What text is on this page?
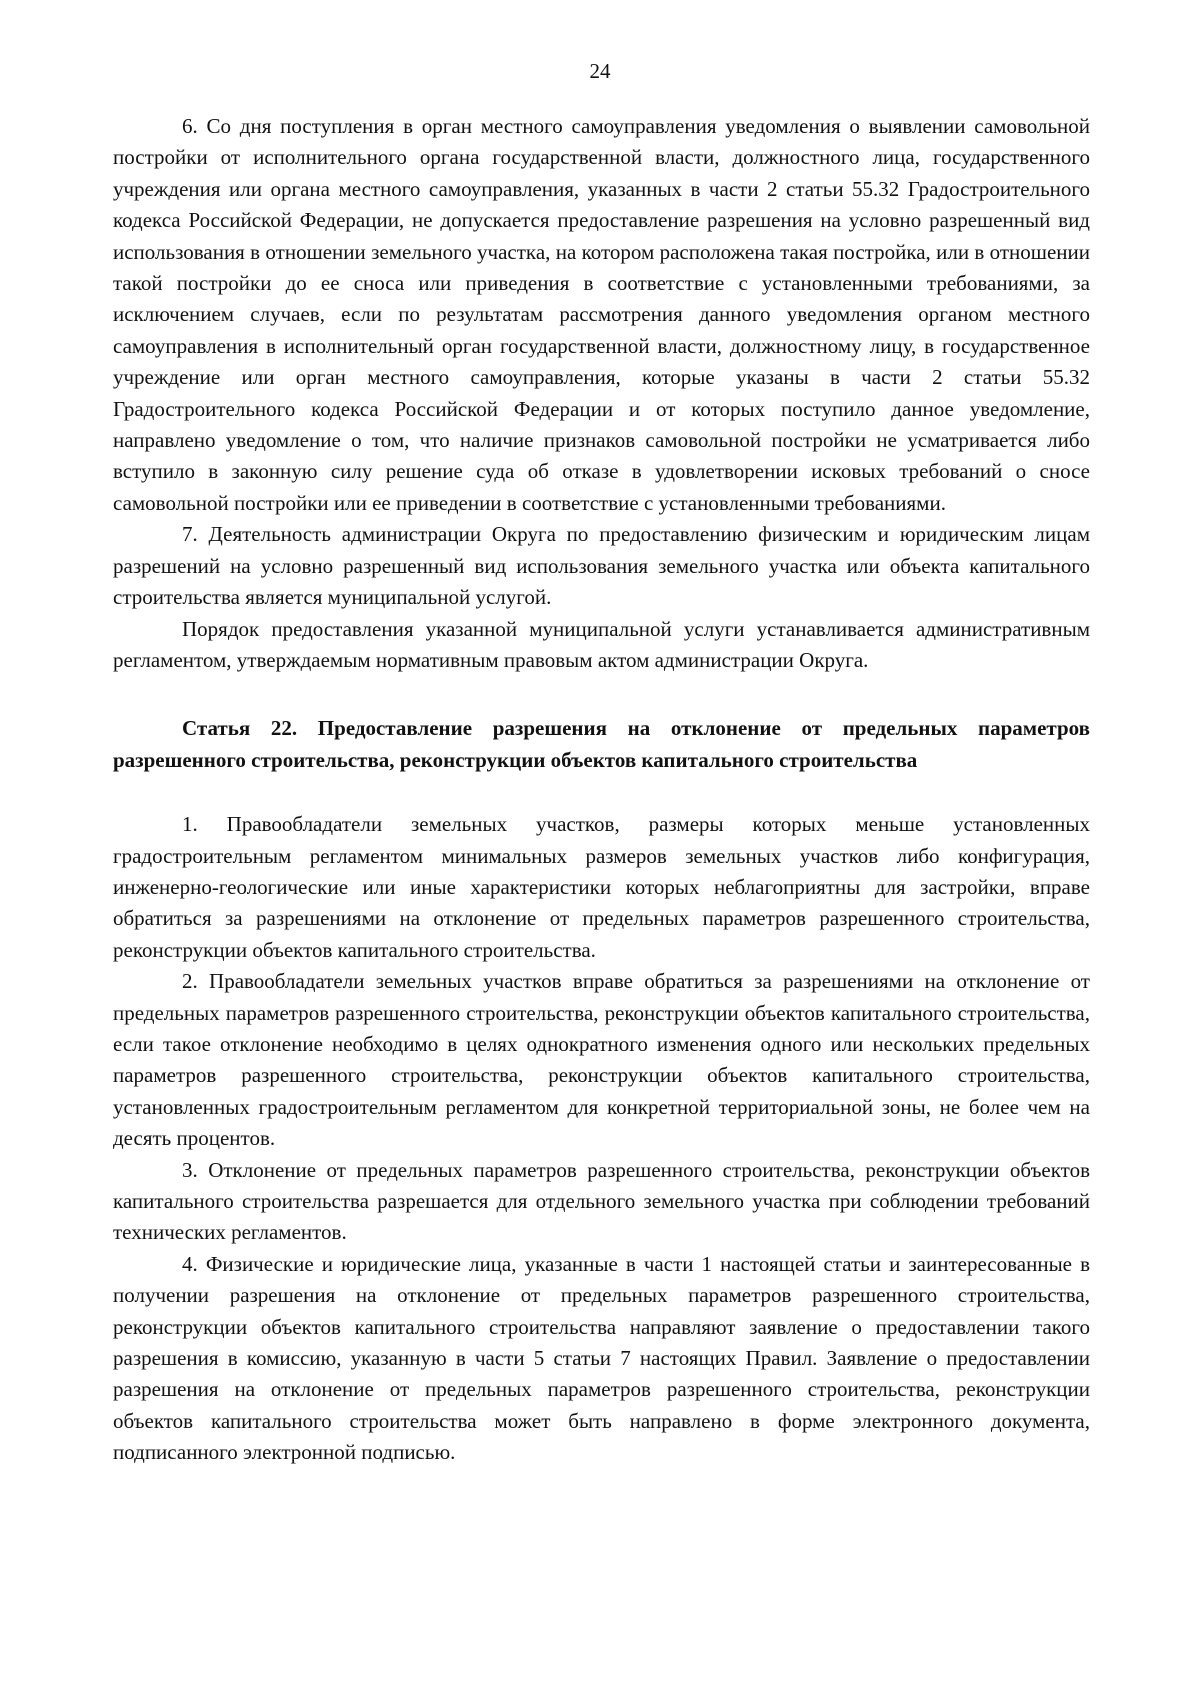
24

6. Со дня поступления в орган местного самоуправления уведомления о выявлении самовольной постройки от исполнительного органа государственной власти, должностного лица, государственного учреждения или органа местного самоуправления, указанных в части 2 статьи 55.32 Градостроительного кодекса Российской Федерации, не допускается предоставление разрешения на условно разрешенный вид использования в отношении земельного участка, на котором расположена такая постройка, или в отношении такой постройки до ее сноса или приведения в соответствие с установленными требованиями, за исключением случаев, если по результатам рассмотрения данного уведомления органом местного самоуправления в исполнительный орган государственной власти, должностному лицу, в государственное учреждение или орган местного самоуправления, которые указаны в части 2 статьи 55.32 Градостроительного кодекса Российской Федерации и от которых поступило данное уведомление, направлено уведомление о том, что наличие признаков самовольной постройки не усматривается либо вступило в законную силу решение суда об отказе в удовлетворении исковых требований о сносе самовольной постройки или ее приведении в соответствие с установленными требованиями.

7. Деятельность администрации Округа по предоставлению физическим и юридическим лицам разрешений на условно разрешенный вид использования земельного участка или объекта капитального строительства является муниципальной услугой.

Порядок предоставления указанной муниципальной услуги устанавливается административным регламентом, утверждаемым нормативным правовым актом администрации Округа.

Статья 22. Предоставление разрешения на отклонение от предельных параметров разрешенного строительства, реконструкции объектов капитального строительства

1. Правообладатели земельных участков, размеры которых меньше установленных градостроительным регламентом минимальных размеров земельных участков либо конфигурация, инженерно-геологические или иные характеристики которых неблагоприятны для застройки, вправе обратиться за разрешениями на отклонение от предельных параметров разрешенного строительства, реконструкции объектов капитального строительства.

2. Правообладатели земельных участков вправе обратиться за разрешениями на отклонение от предельных параметров разрешенного строительства, реконструкции объектов капитального строительства, если такое отклонение необходимо в целях однократного изменения одного или нескольких предельных параметров разрешенного строительства, реконструкции объектов капитального строительства, установленных градостроительным регламентом для конкретной территориальной зоны, не более чем на десять процентов.

3. Отклонение от предельных параметров разрешенного строительства, реконструкции объектов капитального строительства разрешается для отдельного земельного участка при соблюдении требований технических регламентов.

4. Физические и юридические лица, указанные в части 1 настоящей статьи и заинтересованные в получении разрешения на отклонение от предельных параметров разрешенного строительства, реконструкции объектов капитального строительства направляют заявление о предоставлении такого разрешения в комиссию, указанную в части 5 статьи 7 настоящих Правил. Заявление о предоставлении разрешения на отклонение от предельных параметров разрешенного строительства, реконструкции объектов капитального строительства может быть направлено в форме электронного документа, подписанного электронной подписью.
